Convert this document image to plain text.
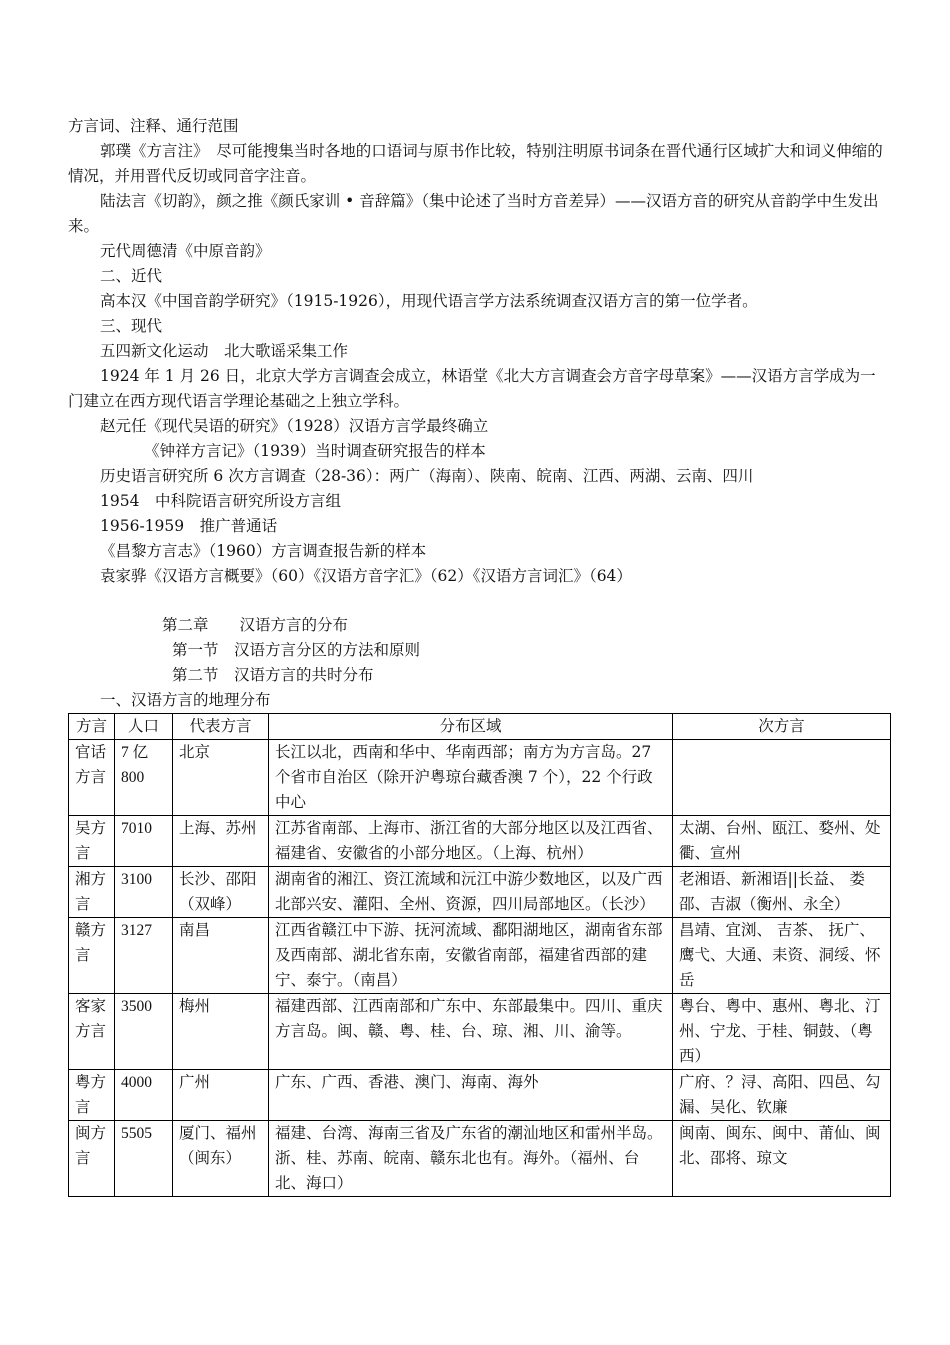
方言词、注释、通行范围
郭璞《方言注》　尽可能搜集当时各地的口语词与原书作比较，特别注明原书词条在晋代通行区域扩大和词义伸缩的情况，并用晋代反切或同音字注音。
陆法言《切韵》，颜之推《颜氏家训 • 音辞篇》（集中论述了当时方音差异）——汉语方音的研究从音韵学中生发出来。
元代周德清《中原音韵》
二、近代
高本汉《中国音韵学研究》（1915-1926），用现代语言学方法系统调查汉语方言的第一位学者。
三、现代
五四新文化运动　北大歌谣采集工作
1924 年 1 月 26 日，北京大学方言调查会成立，林语堂《北大方言调查会方音字母草案》——汉语方言学成为一门建立在西方现代语言学理论基础之上独立学科。
赵元任《现代吴语的研究》（1928）汉语方言学最终确立
《钟祥方言记》（1939）当时调查研究报告的样本
历史语言研究所 6 次方言调查（28-36）：两广（海南）、陕南、皖南、江西、两湖、云南、四川
1954　中科院语言研究所设方言组
1956-1959　推广普通话
《昌黎方言志》（1960）方言调查报告新的样本
袁家骅《汉语方言概要》（60）《汉语方音字汇》（62）《汉语方言词汇》（64）
第二章　　汉语方言的分布
第一节　汉语方言分区的方法和原则
第二节　汉语方言的共时分布
一、汉语方言的地理分布
方言	人口	代表方言	分布区域	次方言
官话方言	7 亿 800	北京	长江以北，西南和华中、华南西部；南方为方言岛。27 个省市自治区（除开沪粤琼台藏香澳 7 个），22 个行政中心	
吴方言	7010	上海、苏州	江苏省南部、上海市、浙江省的大部分地区以及江西省、福建省、安徽省的小部分地区。（上海、杭州）	太湖、台州、瓯江、婺州、处衢、宣州
湘方言	3100	长沙、邵阳（双峰）	湖南省的湘江、资江流域和沅江中游少数地区，以及广西北部兴安、灌阳、全州、资源，四川局部地区。（长沙）	老湘语、新湘语||长益、 娄邵、吉淑（衡州、永全）
赣方言	3127	南昌	江西省赣江中下游、抚河流域、鄱阳湖地区，湖南省东部及西南部、湖北省东南，安徽省南部，福建省西部的建宁、泰宁。（南昌）	昌靖、宜浏、 吉茶、 抚广、鹰弋、大通、耒资、洞绥、怀岳
客家方言	3500	梅州	福建西部、江西南部和广东中、东部最集中。四川、重庆方言岛。闽、赣、粤、桂、台、琼、湘、川、渝等。	粤台、粤中、惠州、粤北、汀州、宁龙、于桂、铜鼓、（粤西）
粤方言	4000	广州	广东、广西、香港、澳门、海南、海外	广府、？浔、高阳、四邑、勾漏、吴化、钦廉
闽方言	5505	厦门、福州（闽东）	福建、台湾、海南三省及广东省的潮汕地区和雷州半岛。浙、桂、苏南、皖南、赣东北也有。海外。（福州、台北、海口）	闽南、闽东、闽中、莆仙、闽北、邵将、琼文
